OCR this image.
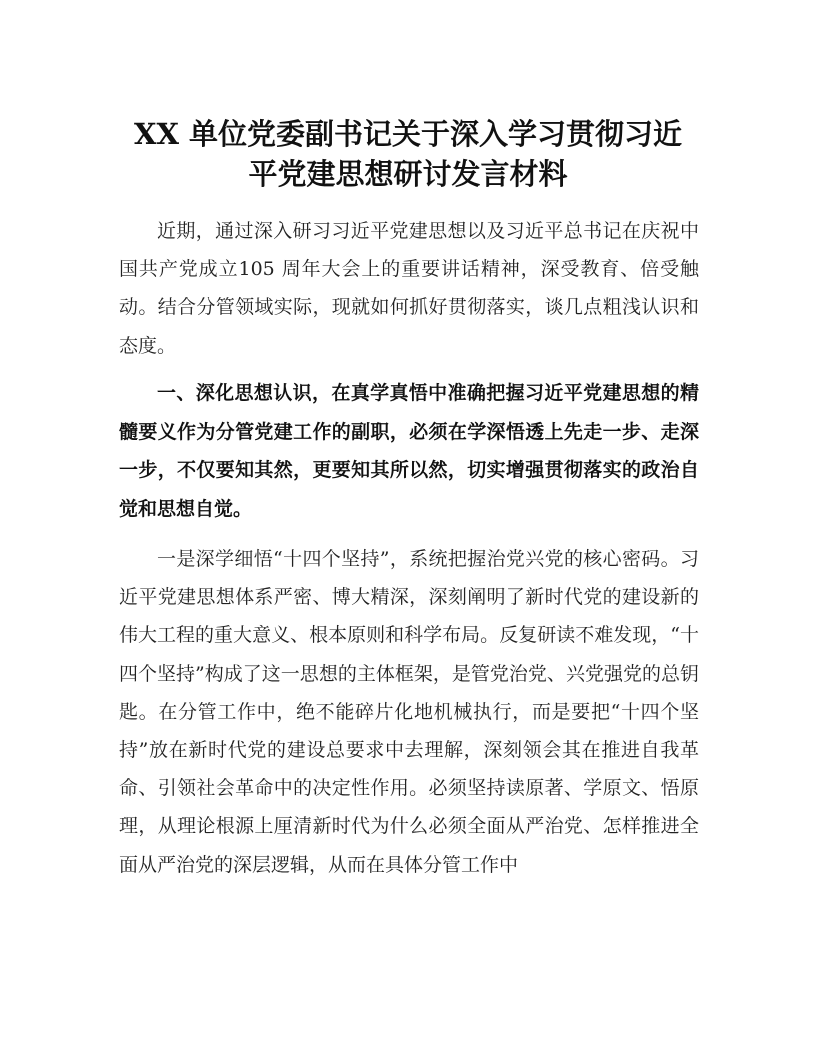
XX 单位党委副书记关于深入学习贯彻习近
平党建思想研讨发言材料

近期，通过深入研习习近平党建思想以及习近平总书记在庆祝中国共产党成立105 周年大会上的重要讲话精神，深受教育、倍受触动。结合分管领域实际，现就如何抓好贯彻落实，谈几点粗浅认识和态度。

一、深化思想认识，在真学真悟中准确把握习近平党建思想的精髓要义作为分管党建工作的副职，必须在学深悟透上先走一步、走深一步，不仅要知其然，更要知其所以然，切实增强贯彻落实的政治自觉和思想自觉。

一是深学细悟“十四个坚持”，系统把握治党兴党的核心密码。习近平党建思想体系严密、博大精深，深刻阐明了新时代党的建设新的伟大工程的重大意义、根本原则和科学布局。反复研读不难发现，“十四个坚持”构成了这一思想的主体框架，是管党治党、兴党强党的总钥匙。在分管工作中，绝不能碎片化地机械执行，而是要把“十四个坚持”放在新时代党的建设总要求中去理解，深刻领会其在推进自我革命、引领社会革命中的决定性作用。必须坚持读原著、学原文、悟原理，从理论根源上厘清新时代为什么必须全面从严治党、怎样推进全面从严治党的深层逻辑，从而在具体分管工作中
